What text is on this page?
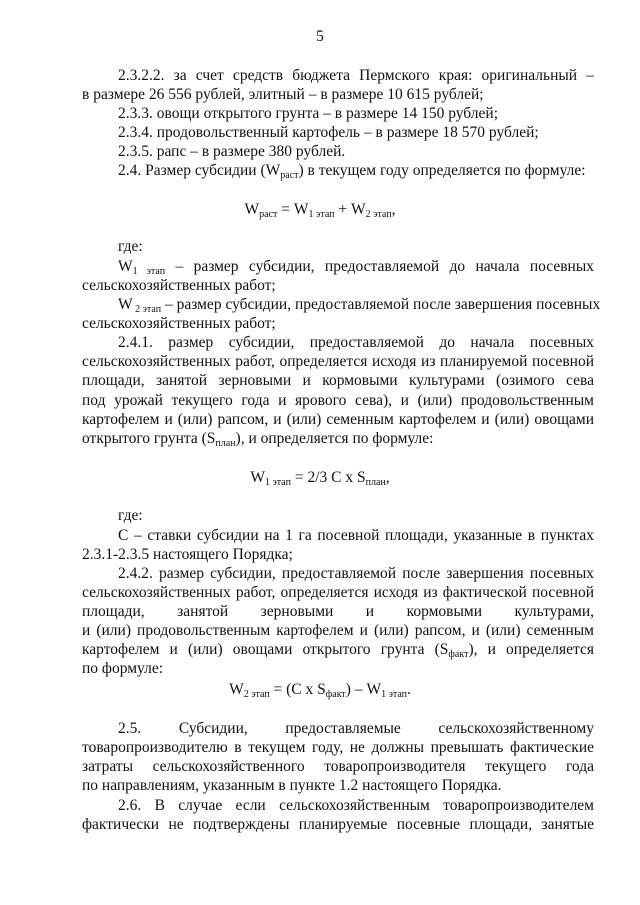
5
2.3.2.2. за счет средств бюджета Пермского края: оригинальный –
в размере 26 556 рублей, элитный – в размере 10 615 рублей;
2.3.3. овощи открытого грунта – в размере 14 150 рублей;
2.3.4. продовольственный картофель – в размере 18 570 рублей;
2.3.5. рапс – в размере 380 рублей.
2.4. Размер субсидии $(W_{раст})$ в текущем году определяется по формуле:
$W_{раст} = W_{1 этап} + W_{2 этап}$,
где:
$W_{1 этап}$ – размер субсидии, предоставляемой до начала посевных
сельскохозяйственных работ;
W $_{2 этап}$ – размер субсидии, предоставляемой после завершения посевных
сельскохозяйственных работ;
2.4.1. размер субсидии, предоставляемой до начала посевных
сельскохозяйственных работ, определяется исходя из планируемой посевной
площади, занятой зерновыми и кормовыми культурами (озимого сева
под урожай текущего года и ярового сева), и (или) продовольственным
картофелем и (или) рапсом, и (или) семенным картофелем и (или) овощами
открытого грунта $(S_{план})$, и определяется по формуле:
$W_{1 этап} = 2/3$ С x $S_{план}$,
где:
С – ставки субсидии на 1 га посевной площади, указанные в пунктах
2.3.1-2.3.5 настоящего Порядка;
2.4.2. размер субсидии, предоставляемой после завершения посевных
сельскохозяйственных работ, определяется исходя из фактической посевной
площади, занятой зерновыми и кормовыми культурами,
и (или) продовольственным картофелем и (или) рапсом, и (или) семенным
картофелем и (или) овощами открытого грунта $(S_{факт})$, и определяется
по формуле:
$W_{2 этап} = (С$ x $S_{факт}) - W_{1 этап}$.
2.5. Субсидии, предоставляемые сельскохозяйственному
товаропроизводителю в текущем году, не должны превышать фактические
затраты сельскохозяйственного товаропроизводителя текущего года
по направлениям, указанным в пункте 1.2 настоящего Порядка.
2.6. В случае если сельскохозяйственным товаропроизводителем
фактически не подтверждены планируемые посевные площади, занятые
